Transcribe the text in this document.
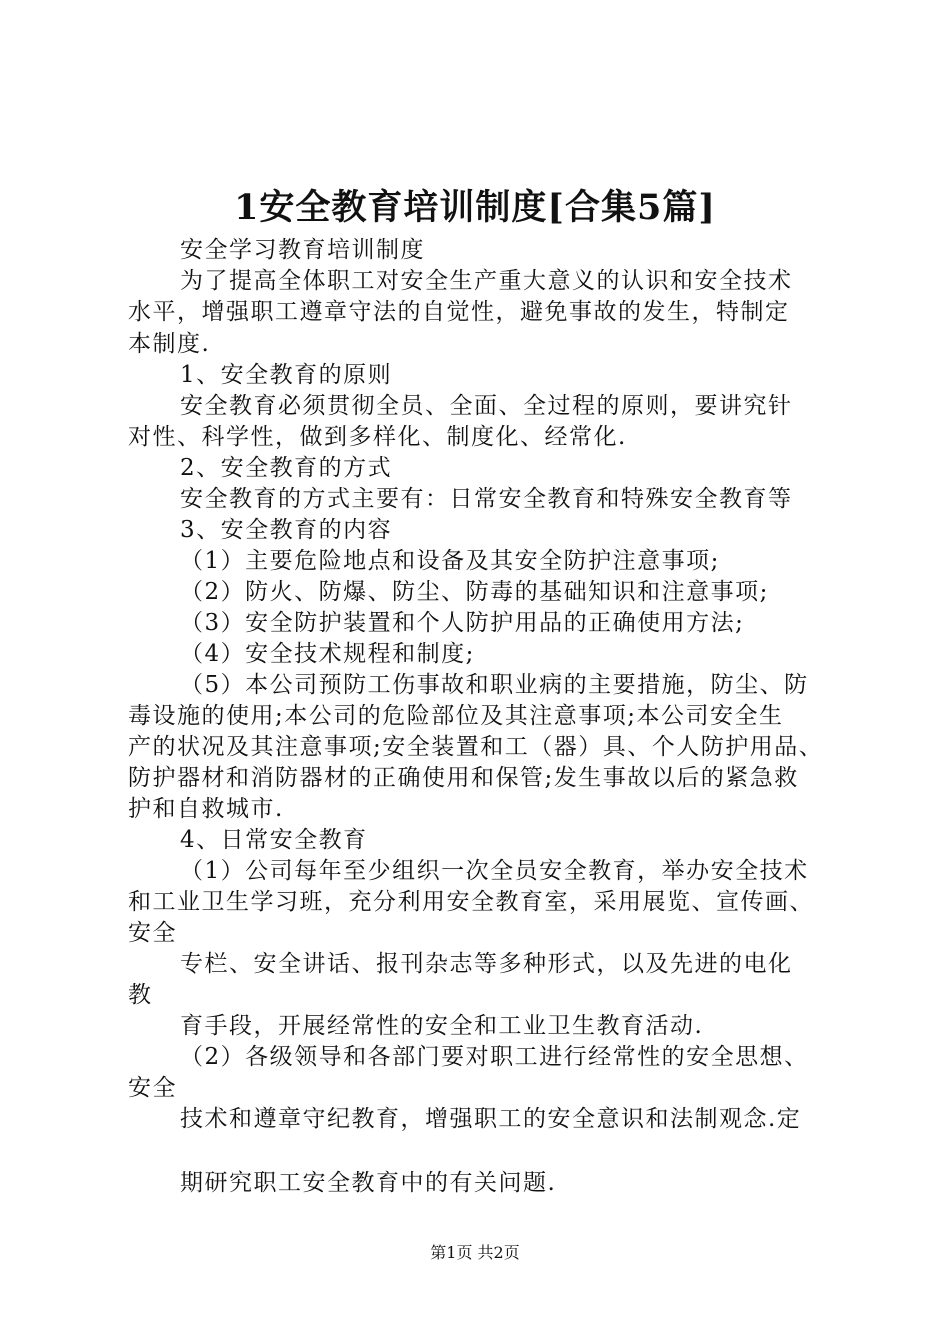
1安全教育培训制度[合集5篇]
安全学习教育培训制度
为了提高全体职工对安全生产重大意义的认识和安全技术
水平，增强职工遵章守法的自觉性，避免事故的发生，特制定
本制度.
1、安全教育的原则
安全教育必须贯彻全员、全面、全过程的原则，要讲究针
对性、科学性，做到多样化、制度化、经常化.
2、安全教育的方式
安全教育的方式主要有：日常安全教育和特殊安全教育等
3、安全教育的内容
（1）主要危险地点和设备及其安全防护注意事项;
（2）防火、防爆、防尘、防毒的基础知识和注意事项;
（3）安全防护装置和个人防护用品的正确使用方法;
（4）安全技术规程和制度;
（5）本公司预防工伤事故和职业病的主要措施，防尘、防
毒设施的使用;本公司的危险部位及其注意事项;本公司安全生
产的状况及其注意事项;安全装置和工（器）具、个人防护用品、
防护器材和消防器材的正确使用和保管;发生事故以后的紧急救
护和自救城市.
4、日常安全教育
（1）公司每年至少组织一次全员安全教育，举办安全技术
和工业卫生学习班，充分利用安全教育室，采用展览、宣传画、
安全
专栏、安全讲话、报刊杂志等多种形式，以及先进的电化
教
育手段，开展经常性的安全和工业卫生教育活动.
（2）各级领导和各部门要对职工进行经常性的安全思想、
安全
技术和遵章守纪教育，增强职工的安全意识和法制观念.定
期研究职工安全教育中的有关问题.
第1页 共2页
